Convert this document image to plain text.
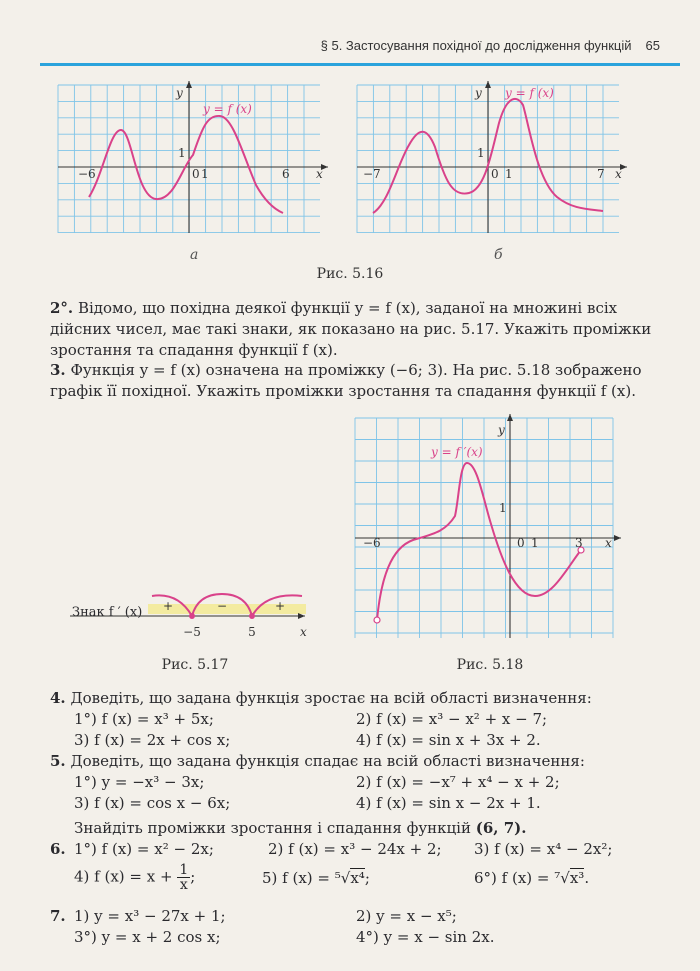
§ 5. Застосування похідної до дослідження функцій 65
−6	0 1	6
1
x
y
y = f (x)
а
−7	0 1	7
1
x
y y = f (x)
б
Рис. 5.16
2°. Відомо, що похідна деякої функції y = f (x), заданої на множині всіх дійсних чисел, має такі знаки, як показано на рис. 5.17. Укажіть проміжки зростання та спадання функції f (x).
3. Функція y = f (x) означена на проміжку (−6; 3). На рис. 5.18 зображено графік її похідної. Укажіть проміжки зростання та спадання функції f (x).
Знак f ′ (x) +	−	+
−5	5	x
Рис. 5.17
−6	0 1	3
1
x
y
y = f ′(x)
Рис. 5.18
4. Доведіть, що задана функція зростає на всій області визначення:
1°) f (x) = x³ + 5x;	2) f (x) = x³ − x² + x − 7;
3) f (x) = 2x + cos x;	4) f (x) = sin x + 3x + 2.
5. Доведіть, що задана функція спадає на всій області визначення:
1°) y = −x³ − 3x;	2) f (x) = −x⁷ + x⁴ − x + 2;
3) f (x) = cos x − 6x;	4) f (x) = sin x − 2x + 1.
Знайдіть проміжки зростання і спадання функцій (6, 7).
6. 1°) f (x) = x² − 2x;	2) f (x) = x³ − 24x + 2; 3) f (x) = x⁴ − 2x²;
4) f $(x) = x + \frac{1}{x}$ ;	5) f (x) = ⁵√x⁴;	6°) f (x) = ⁷√x³.
7. 1) y = x³ − 27x + 1;	2) y = x − x⁵;
3°) y = x + 2 cos x;	4°) y = x − sin 2x.
